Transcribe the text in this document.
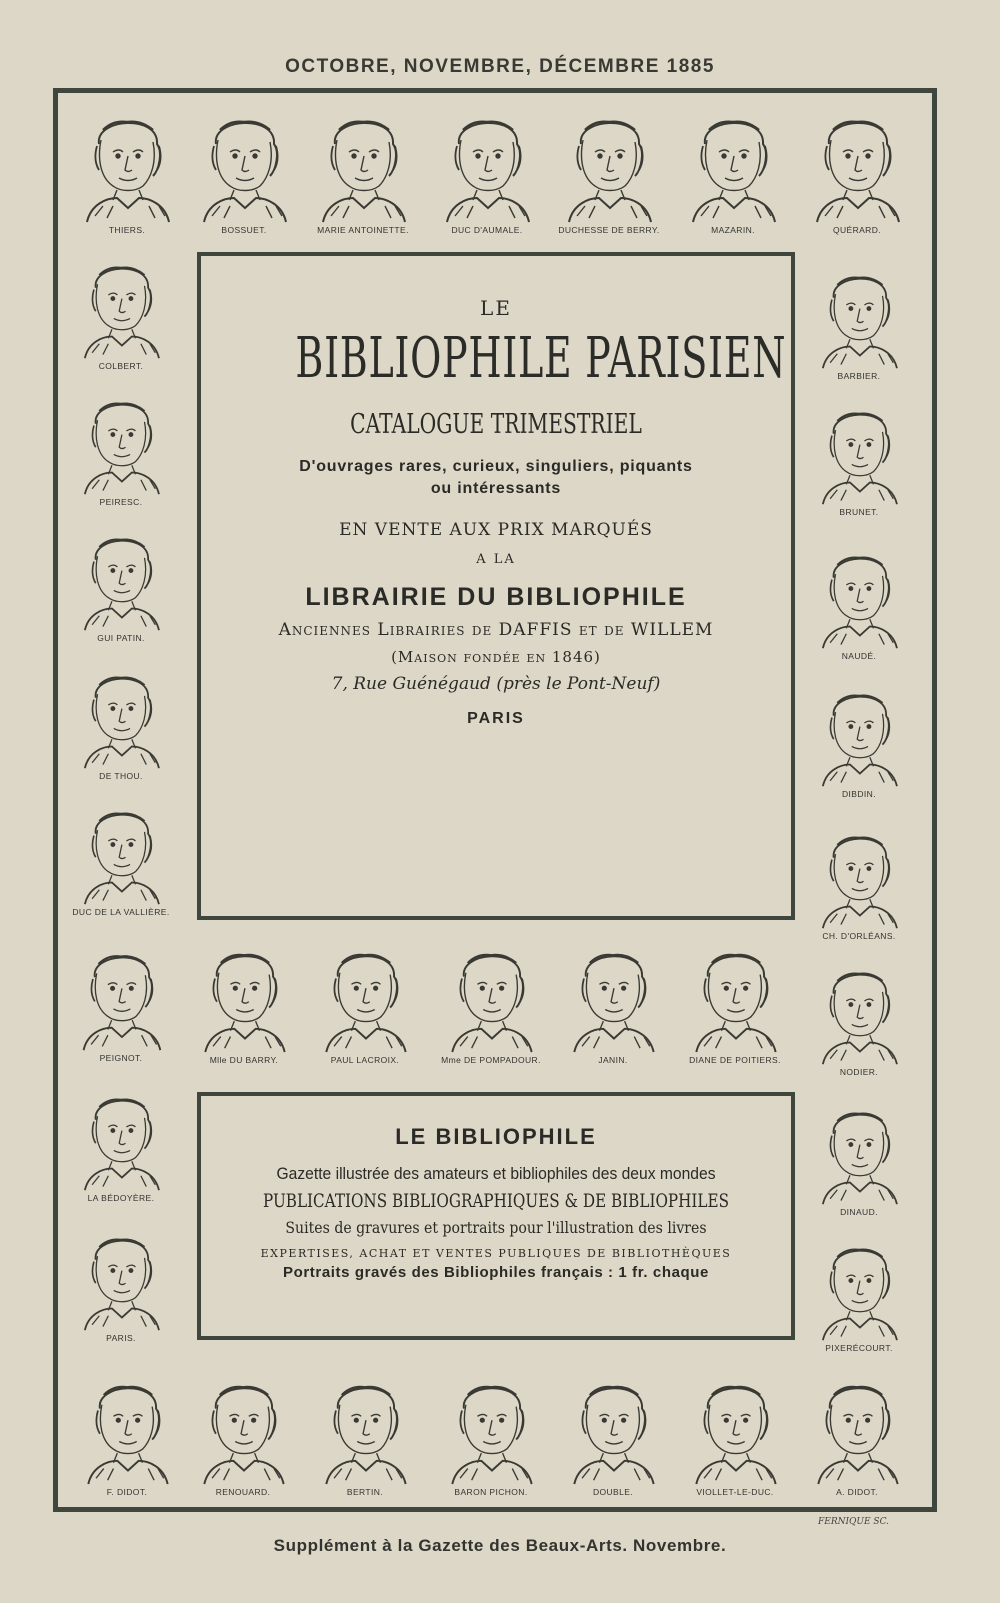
OCTOBRE, NOVEMBRE, DÉCEMBRE 1885
THIERS.	BOSSUET.	MARIE ANTOINETTE.	DUC D'AUMALE.	DUCHESSE DE BERRY.	MAZARIN.	QUÉRARD.
COLBERT.
PEIRESC.
GUI PATIN.
DE THOU.
DUC DE LA VALLIÈRE.
PEIGNOT.
LA BÉDOYÈRE.
PARIS.
BARBIER.
BRUNET.
NAUDÉ.
DIBDIN.
CH. D'ORLÉANS.
NODIER.
DINAUD.
PIXERÉCOURT.
Mlle DU BARRY.	PAUL LACROIX.	Mme DE POMPADOUR.	JANIN.	DIANE DE POITIERS.
F. DIDOT.	RENOUARD.	BERTIN.	BARON PICHON.	DOUBLE.	VIOLLET-LE-DUC.	A. DIDOT.
LE
BIBLIOPHILE PARISIEN
CATALOGUE TRIMESTRIEL
D'ouvrages rares, curieux, singuliers, piquants
ou intéressants
EN VENTE AUX PRIX MARQUÉS
A LA
LIBRAIRIE DU BIBLIOPHILE
Anciennes Librairies de DAFFIS et de WILLEM
(Maison fondée en 1846)
7, Rue Guénégaud (près le Pont-Neuf)
PARIS
LE BIBLIOPHILE
Gazette illustrée des amateurs et bibliophiles des deux mondes
PUBLICATIONS BIBLIOGRAPHIQUES & DE BIBLIOPHILES
Suites de gravures et portraits pour l'illustration des livres
EXPERTISES, ACHAT ET VENTES PUBLIQUES DE BIBLIOTHÈQUES
Portraits gravés des Bibliophiles français : 1 fr. chaque
FERNIQUE SC.
Supplément à la Gazette des Beaux-Arts. Novembre.
